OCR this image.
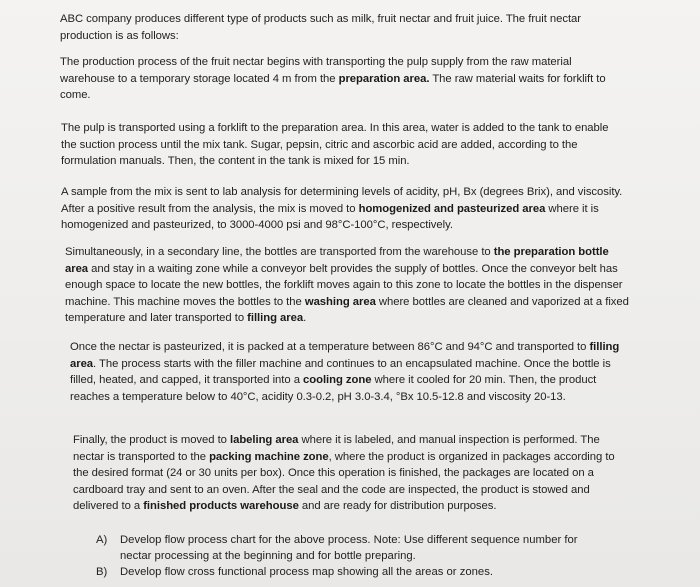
ABC company produces different type of products such as milk, fruit nectar and fruit juice. The fruit nectar production is as follows:
The production process of the fruit nectar begins with transporting the pulp supply from the raw material warehouse to a temporary storage located 4 m from the preparation area. The raw material waits for forklift to come.
The pulp is transported using a forklift to the preparation area. In this area, water is added to the tank to enable the suction process until the mix tank. Sugar, pepsin, citric and ascorbic acid are added, according to the formulation manuals. Then, the content in the tank is mixed for 15 min.
A sample from the mix is sent to lab analysis for determining levels of acidity, pH, Bx (degrees Brix), and viscosity. After a positive result from the analysis, the mix is moved to homogenized and pasteurized area where it is homogenized and pasteurized, to 3000-4000 psi and 98°C-100°C, respectively.
Simultaneously, in a secondary line, the bottles are transported from the warehouse to the preparation bottle area and stay in a waiting zone while a conveyor belt provides the supply of bottles. Once the conveyor belt has enough space to locate the new bottles, the forklift moves again to this zone to locate the bottles in the dispenser machine. This machine moves the bottles to the washing area where bottles are cleaned and vaporized at a fixed temperature and later transported to filling area.
Once the nectar is pasteurized, it is packed at a temperature between 86°C and 94°C and transported to filling area. The process starts with the filler machine and continues to an encapsulated machine. Once the bottle is filled, heated, and capped, it transported into a cooling zone where it cooled for 20 min. Then, the product reaches a temperature below to 40°C, acidity 0.3-0.2, pH 3.0-3.4, °Bx 10.5-12.8 and viscosity 20-13.
Finally, the product is moved to labeling area where it is labeled, and manual inspection is performed. The nectar is transported to the packing machine zone, where the product is organized in packages according to the desired format (24 or 30 units per box). Once this operation is finished, the packages are located on a cardboard tray and sent to an oven. After the seal and the code are inspected, the product is stowed and delivered to a finished products warehouse and are ready for distribution purposes.
A)	Develop flow process chart for the above process. Note: Use different sequence number for nectar processing at the beginning and for bottle preparing.
B)	Develop flow cross functional process map showing all the areas or zones.
